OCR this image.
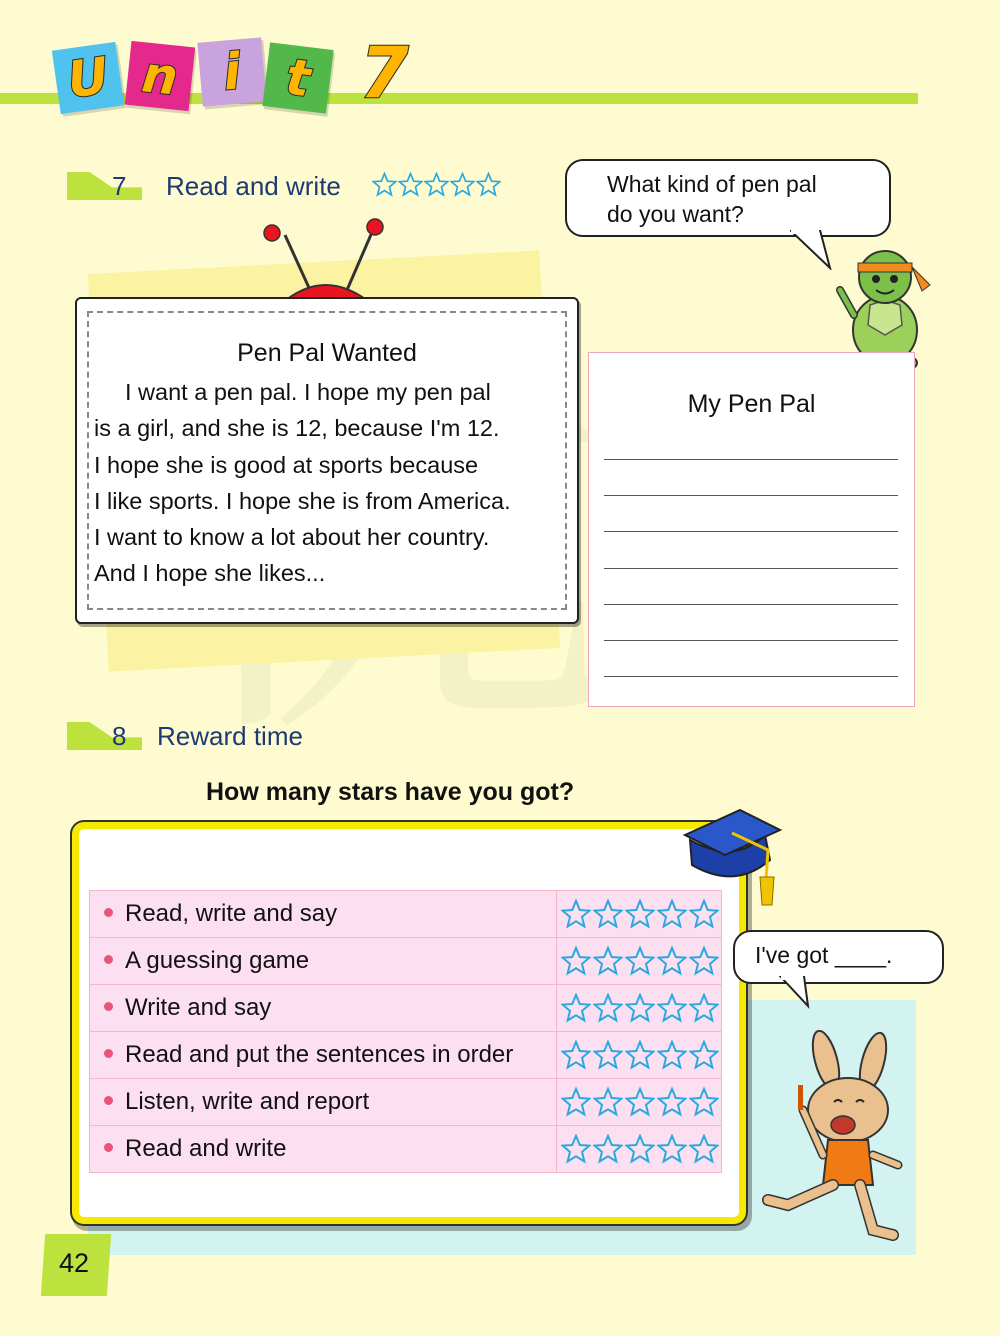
U n i t 7
7 Read and write	What kind of pen pal
do you want?
Pen Pal Wanted
I want a pen pal. I hope my pen pal
is a girl, and she is 12, because I'm 12.
I hope she is good at sports because
I like sports. I hope she is from America.
I want to know a lot about her country.
And I hope she likes...
My Pen Pal
8 Reward time
How many stars have you got?
Read, write and say	

A guessing game	

Write and say	

Read and put the sentences in order	

Listen, write and report	

Read and write	
I've got ____.
42
